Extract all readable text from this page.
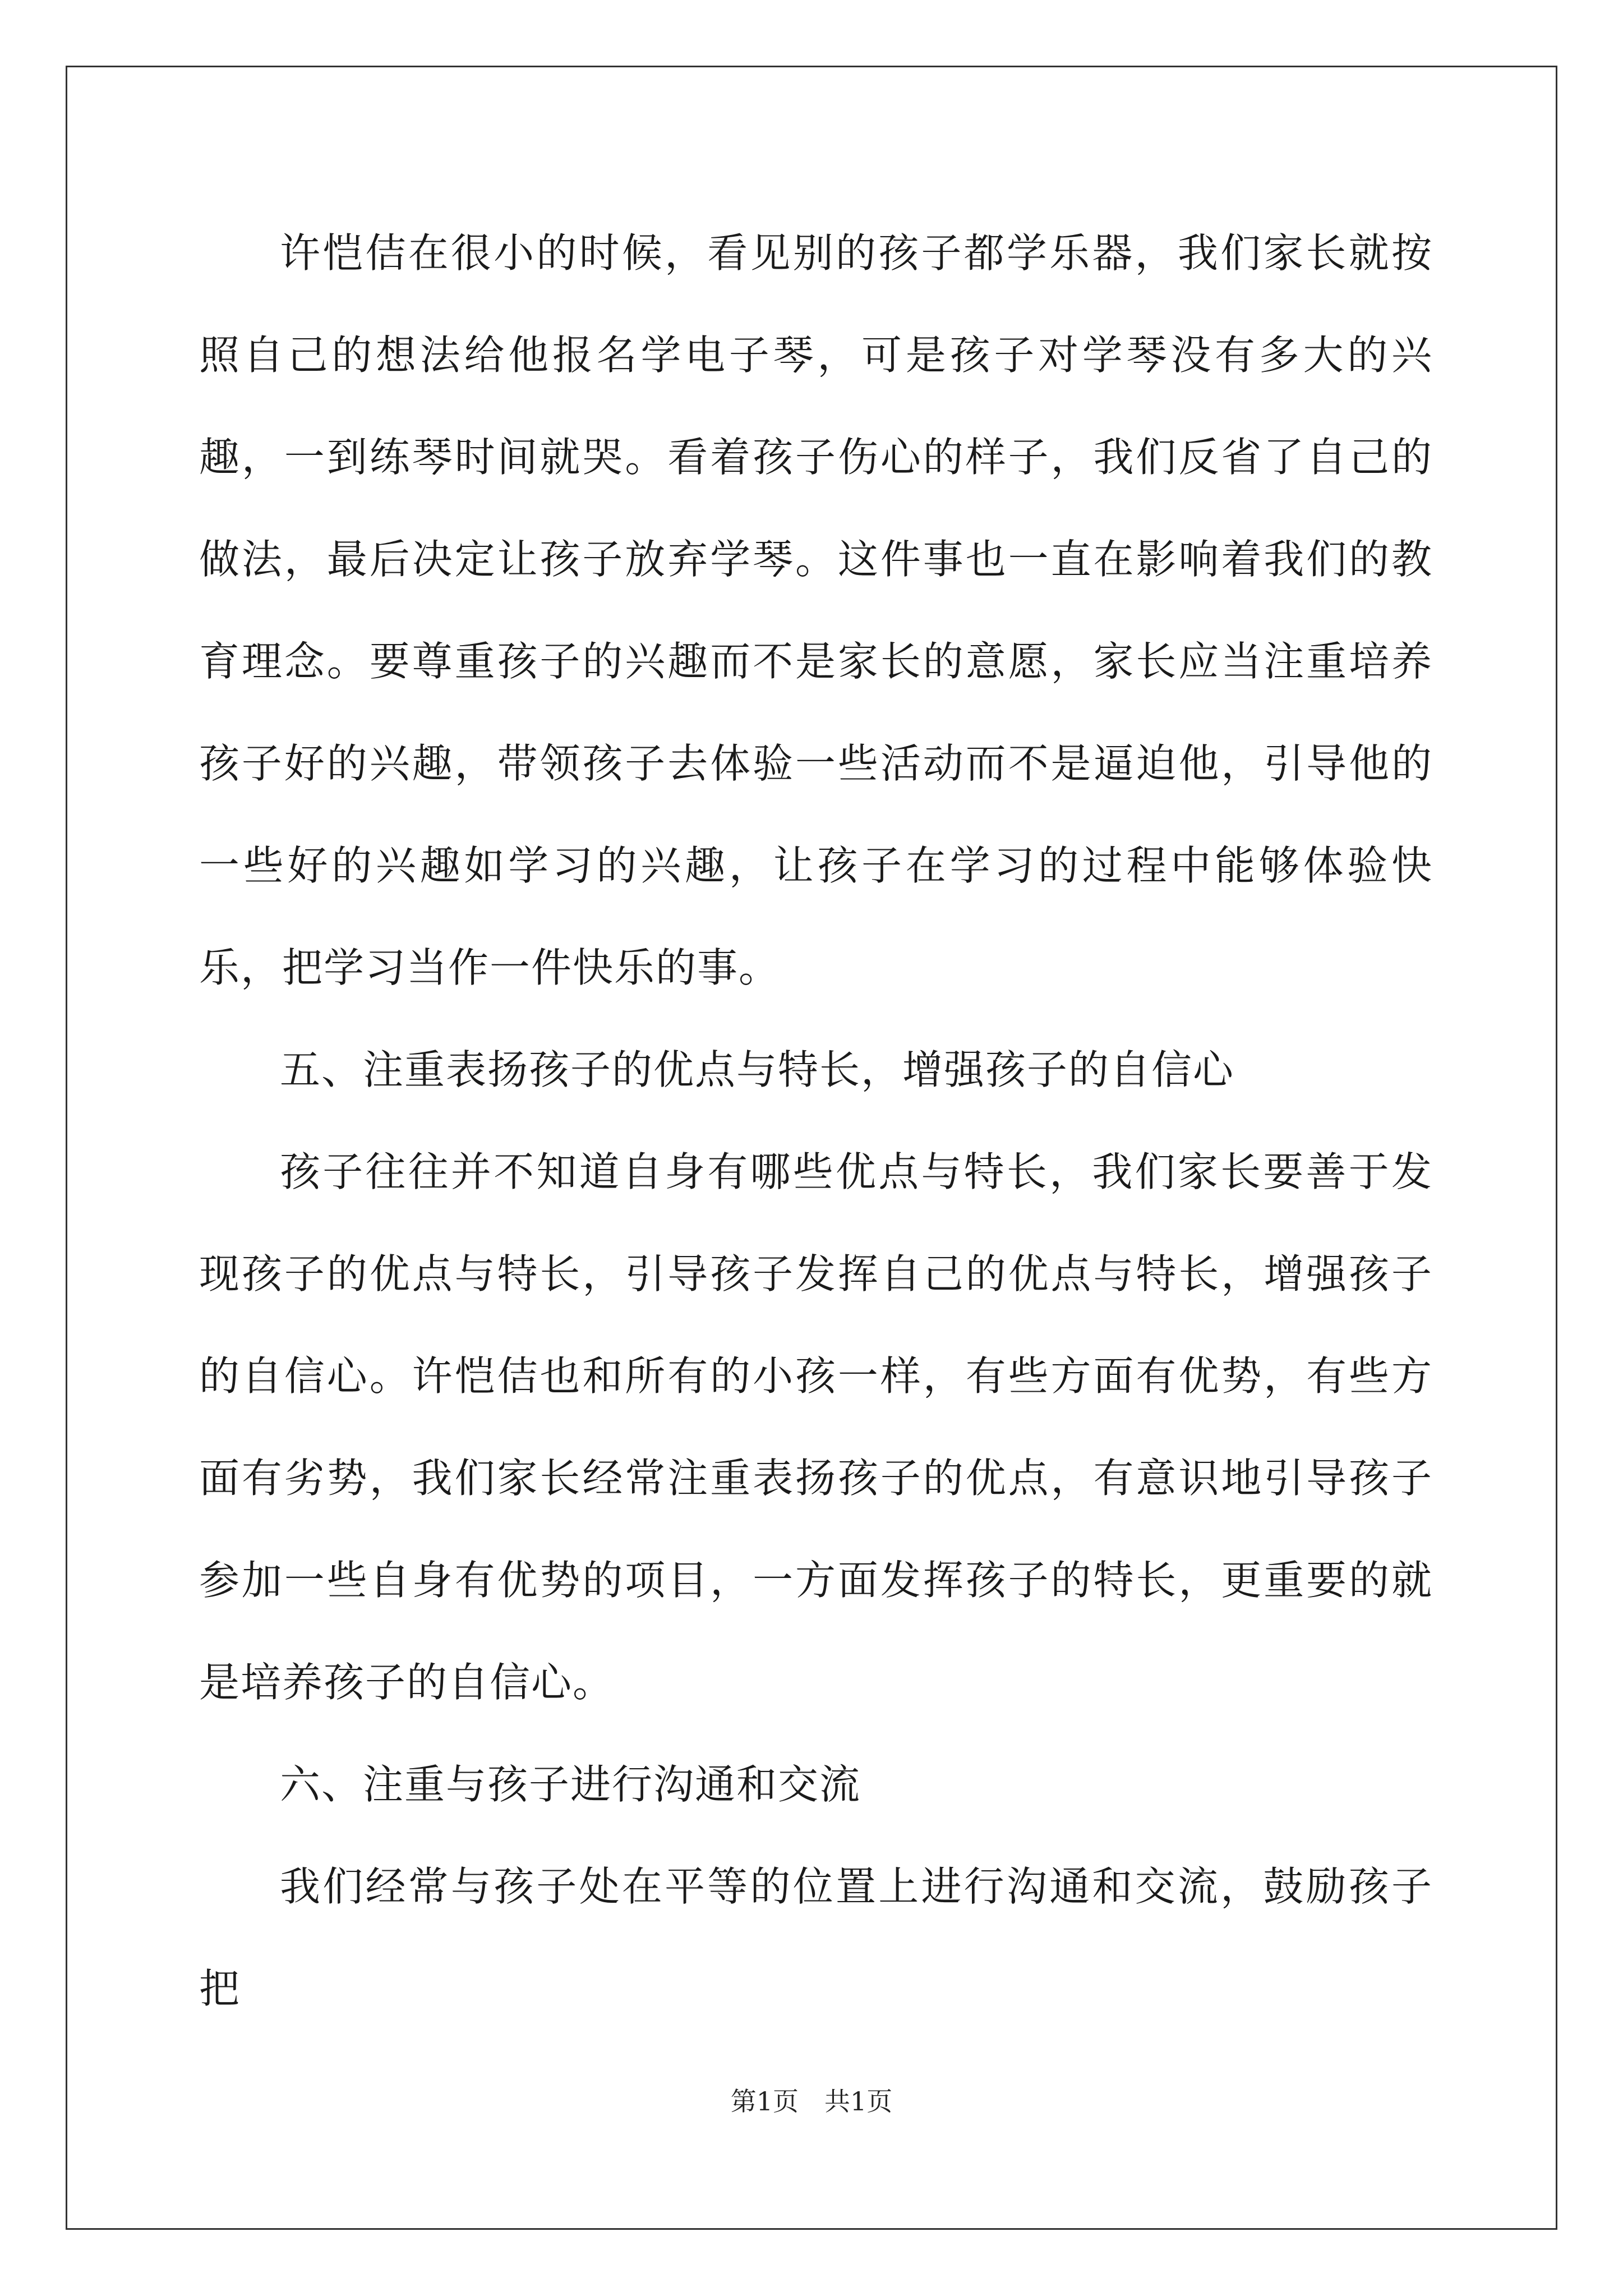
许恺佶在很小的时候，看见别的孩子都学乐器，我们家长就按照自己的想法给他报名学电子琴，可是孩子对学琴没有多大的兴趣，一到练琴时间就哭。看着孩子伤心的样子，我们反省了自己的做法，最后决定让孩子放弃学琴。这件事也一直在影响着我们的教育理念。要尊重孩子的兴趣而不是家长的意愿，家长应当注重培养孩子好的兴趣，带领孩子去体验一些活动而不是逼迫他，引导他的一些好的兴趣如学习的兴趣，让孩子在学习的过程中能够体验快乐，把学习当作一件快乐的事。

五、注重表扬孩子的优点与特长，增强孩子的自信心

孩子往往并不知道自身有哪些优点与特长，我们家长要善于发现孩子的优点与特长，引导孩子发挥自己的优点与特长，增强孩子的自信心。许恺佶也和所有的小孩一样，有些方面有优势，有些方面有劣势，我们家长经常注重表扬孩子的优点，有意识地引导孩子参加一些自身有优势的项目，一方面发挥孩子的特长，更重要的就是培养孩子的自信心。

六、注重与孩子进行沟通和交流

我们经常与孩子处在平等的位置上进行沟通和交流，鼓励孩子把

第1页　共1页
